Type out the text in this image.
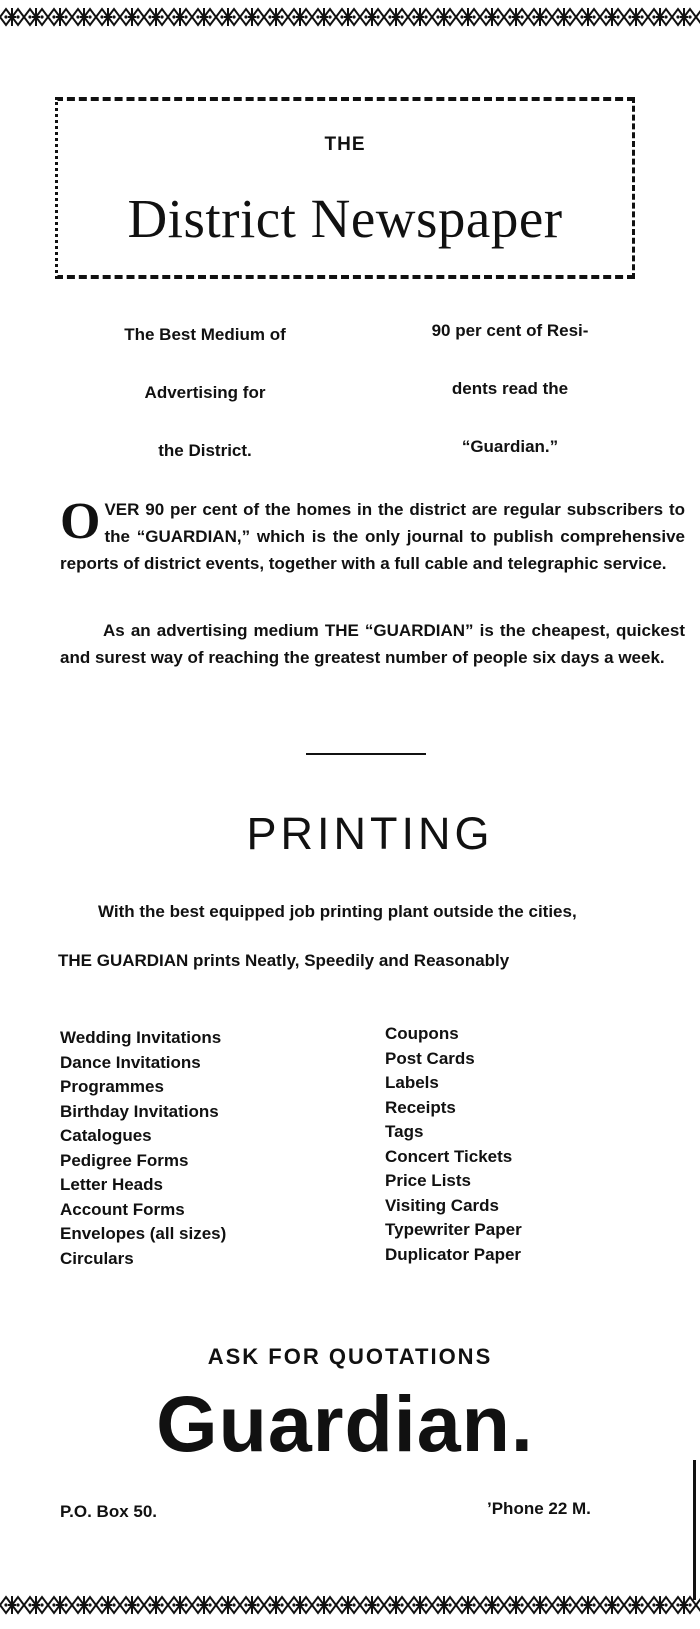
THE
District Newspaper
The Best Medium of
Advertising for
the District.
90 per cent of Resi-
dents read the
“Guardian.”
O VER 90 per cent of the homes in the district are regular subscribers to the “GUARDIAN,” which is the only journal to publish comprehensive reports of district events, together with a full cable and telegraphic service.
As an advertising medium THE “GUARDIAN” is the cheapest, quickest and surest way of reaching the greatest number of people six days a week.
PRINTING
With the best equipped job printing plant outside the cities,
THE GUARDIAN prints Neatly, Speedily and Reasonably
Wedding Invitations
Dance Invitations
Programmes
Birthday Invitations
Catalogues
Pedigree Forms
Letter Heads
Account Forms
Envelopes (all sizes)
Circulars
Coupons
Post Cards
Labels
Receipts
Tags
Concert Tickets
Price Lists
Visiting Cards
Typewriter Paper
Duplicator Paper
ASK FOR QUOTATIONS
Guardian.
P.O. Box 50.	’Phone 22 M.
